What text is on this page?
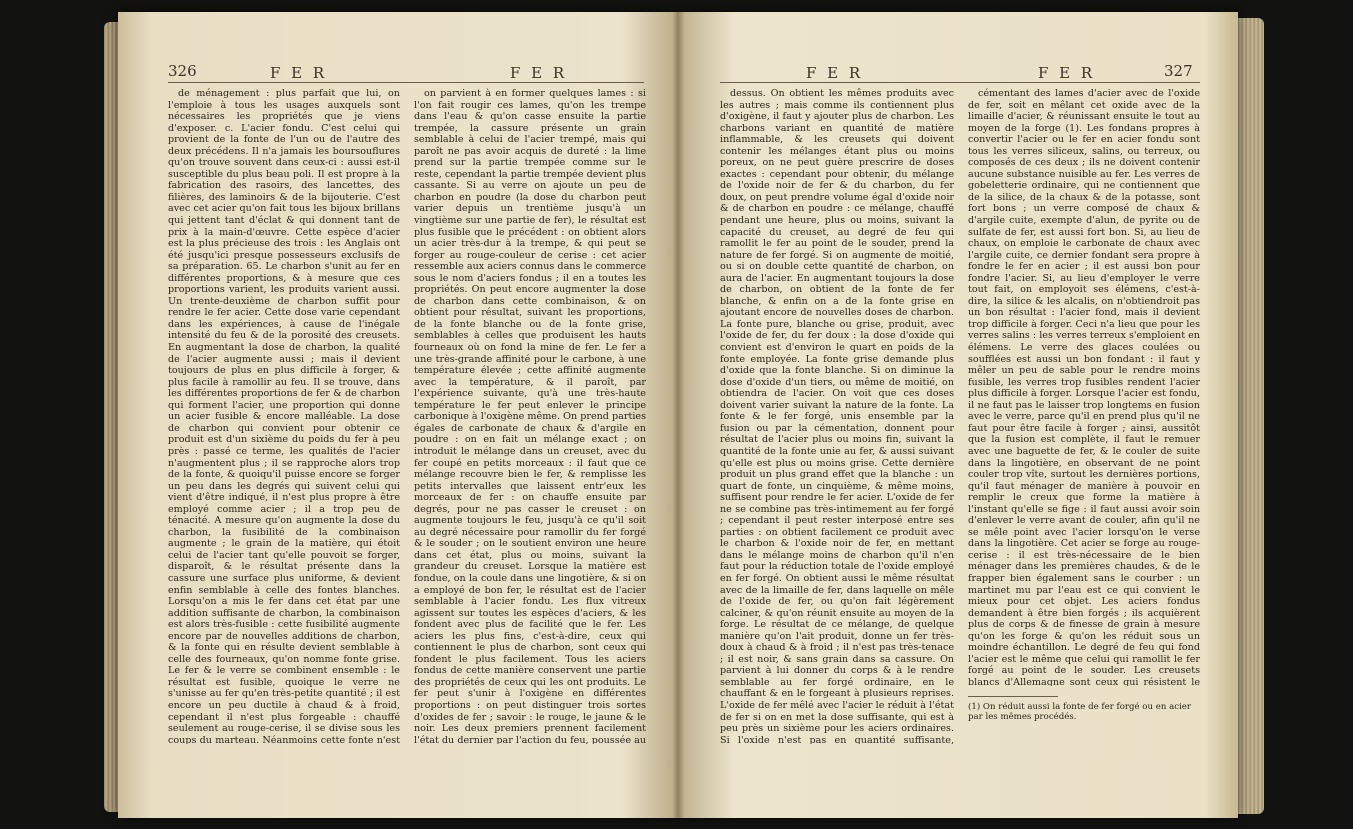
326	F E R	F E R

de ménagement : plus parfait que lui, on l'emploie à tous les usages auxquels sont nécessaires les propriétés que je viens d'exposer. c. L'acier fondu. C'est celui qui provient de la fonte de l'un ou de l'autre des deux précédens. Il n'a jamais les boursouflures qu'on trouve souvent dans ceux-ci : aussi est-il susceptible du plus beau poli. Il est propre à la fabrication des rasoirs, des lancettes, des filières, des laminoirs & de la bijouterie. C'est avec cet acier qu'on fait tous les bijoux brillans qui jettent tant d'éclat & qui donnent tant de prix à la main-d'œuvre. Cette espèce d'acier est la plus précieuse des trois : les Anglais ont été jusqu'ici presque possesseurs exclusifs de sa préparation. 65. Le charbon s'unit au fer en différentes proportions, & à mesure que ces proportions varient, les produits varient aussi. Un trente-deuxième de charbon suffit pour rendre le fer acier. Cette dose varie cependant dans les expériences, à cause de l'inégale intensité du feu & de la porosité des creusets. En augmentant la dose de charbon, la qualité de l'acier augmente aussi ; mais il devient toujours de plus en plus difficile à forger, & plus facile à ramollir au feu. Il se trouve, dans les différentes proportions de fer & de charbon qui forment l'acier, une proportion qui donne un acier fusible & encore malléable. La dose de charbon qui convient pour obtenir ce produit est d'un sixième du poids du fer à peu près : passé ce terme, les qualités de l'acier n'augmentent plus ; il se rapproche alors trop de la fonte, & quoiqu'il puisse encore se forger un peu dans les degrés qui suivent celui qui vient d'être indiqué, il n'est plus propre à être employé comme acier ; il a trop peu de ténacité. A mesure qu'on augmente la dose du charbon, la fusibilité de la combinaison augmente ; le grain de la matière, qui étoit celui de l'acier tant qu'elle pouvoit se forger, disparoît, & le résultat présente dans la cassure une surface plus uniforme, & devient enfin semblable à celle des fontes blanches. Lorsqu'on a mis le fer dans cet état par une addition suffisante de charbon, la combinaison est alors très-fusible : cette fusibilité augmente encore par de nouvelles additions de charbon, & la fonte qui en résulte devient semblable à celle des fourneaux, qu'on nomme fonte grise. Le fer & le verre se combinent ensemble : le résultat est fusible, quoique le verre ne s'unisse au fer qu'en très-petite quantité ; il est encore un peu ductile à chaud & à froid, cependant il n'est plus forgeable : chauffé seulement au rouge-cerise, il se divise sous les coups du marteau. Néanmoins cette fonte n'est

on parvient à en former quelques lames : si l'on fait rougir ces lames, qu'on les trempe dans l'eau & qu'on casse ensuite la partie trempée, la cassure présente un grain semblable à celui de l'acier trempé, mais qui paroît ne pas avoir acquis de dureté : la lime prend sur la partie trempée comme sur le reste, cependant la partie trempée devient plus cassante. Si au verre on ajoute un peu de charbon en poudre (la dose du charbon peut varier depuis un trentième jusqu'à un vingtième sur une partie de fer), le résultat est plus fusible que le précédent : on obtient alors un acier très-dur à la trempe, & qui peut se forger au rouge-couleur de cerise : cet acier ressemble aux aciers connus dans le commerce sous le nom d'aciers fondus ; il en a toutes les propriétés. On peut encore augmenter la dose de charbon dans cette combinaison, & on obtient pour résultat, suivant les proportions, de la fonte blanche ou de la fonte grise, semblables à celles que produisent les hauts fourneaux où on fond la mine de fer. Le fer a une très-grande affinité pour le carbone, à une température élevée ; cette affinité augmente avec la température, & il paroît, par l'expérience suivante, qu'à une très-haute température le fer peut enlever le principe carbonique à l'oxigène même. On prend parties égales de carbonate de chaux & d'argile en poudre : on en fait un mélange exact ; on introduit le mélange dans un creuset, avec du fer coupé en petits morceaux : il faut que ce mélange recouvre bien le fer, & remplisse les petits intervalles que laissent entr'eux les morceaux de fer : on chauffe ensuite par degrés, pour ne pas casser le creuset : on augmente toujours le feu, jusqu'à ce qu'il soit au degré nécessaire pour ramollir du fer forgé & le souder ; on le soutient environ une heure dans cet état, plus ou moins, suivant la grandeur du creuset. Lorsque la matière est fondue, on la coule dans une lingotière, & si on a employé de bon fer, le résultat est de l'acier semblable à l'acier fondu. Les flux vitreux agissent sur toutes les espèces d'aciers, & les fondent avec plus de facilité que le fer. Les aciers les plus fins, c'est-à-dire, ceux qui contiennent le plus de charbon, sont ceux qui fondent le plus facilement. Tous les aciers fondus de cette manière conservent une partie des propriétés de ceux qui les ont produits. Le fer peut s'unir à l'oxigène en différentes proportions : on peut distinguer trois sortes d'oxides de fer ; savoir : le rouge, le jaune & le noir. Les deux premiers prennent facilement l'état du dernier par l'action du feu, poussée au

F E R	F E R	327

dessus. On obtient les mêmes produits avec les autres ; mais comme ils contiennent plus d'oxigène, il faut y ajouter plus de charbon. Les charbons variant en quantité de matière inflammable, & les creusets qui doivent contenir les mélanges étant plus ou moins poreux, on ne peut guère prescrire de doses exactes : cependant pour obtenir, du mélange de l'oxide noir de fer & du charbon, du fer doux, on peut prendre volume égal d'oxide noir & de charbon en poudre : ce mélange, chauffé pendant une heure, plus ou moins, suivant la capacité du creuset, au degré de feu qui ramollit le fer au point de le souder, prend la nature de fer forgé. Si on augmente de moitié, ou si on double cette quantité de charbon, on aura de l'acier. En augmentant toujours la dose de charbon, on obtient de la fonte de fer blanche, & enfin on a de la fonte grise en ajoutant encore de nouvelles doses de charbon. La fonte pure, blanche ou grise, produit, avec l'oxide de fer, du fer doux : la dose d'oxide qui convient est d'environ le quart en poids de la fonte employée. La fonte grise demande plus d'oxide que la fonte blanche. Si on diminue la dose d'oxide d'un tiers, ou même de moitié, on obtiendra de l'acier. On voit que ces doses doivent varier suivant la nature de la fonte. La fonte & le fer forgé, unis ensemble par la fusion ou par la cémentation, donnent pour résultat de l'acier plus ou moins fin, suivant la quantité de la fonte unie au fer, & aussi suivant qu'elle est plus ou moins grise. Cette dernière produit un plus grand effet que la blanche : un quart de fonte, un cinquième, & même moins, suffisent pour rendre le fer acier. L'oxide de fer ne se combine pas très-intimement au fer forgé ; cependant il peut rester interposé entre ses parties : on obtient facilement ce produit avec le charbon & l'oxide noir de fer, en mettant dans le mélange moins de charbon qu'il n'en faut pour la réduction totale de l'oxide employé en fer forgé. On obtient aussi le même résultat avec de la limaille de fer, dans laquelle on mêle de l'oxide de fer, ou qu'on fait légèrement calciner, & qu'on réunit ensuite au moyen de la forge. Le résultat de ce mélange, de quelque manière qu'on l'ait produit, donne un fer très-doux à chaud & à froid ; il n'est pas très-tenace ; il est noir, & sans grain dans sa cassure. On parvient à lui donner du corps & à le rendre semblable au fer forgé ordinaire, en le chauffant & en le forgeant à plusieurs reprises. L'oxide de fer mêlé avec l'acier le réduit à l'état de fer si on en met la dose suffisante, qui est à peu près un sixième pour les aciers ordinaires. Si l'oxide n'est pas en quantité suffisante,

cémentant des lames d'acier avec de l'oxide de fer, soit en mêlant cet oxide avec de la limaille d'acier, & réunissant ensuite le tout au moyen de la forge (1). Les fondans propres à convertir l'acier ou le fer en acier fondu sont tous les verres siliceux, salins, ou terreux, ou composés de ces deux ; ils ne doivent contenir aucune substance nuisible au fer. Les verres de gobeletterie ordinaire, qui ne contiennent que de la silice, de la chaux & de la potasse, sont fort bons ; un verre composé de chaux & d'argile cuite, exempte d'alun, de pyrite ou de sulfate de fer, est aussi fort bon. Si, au lieu de chaux, on emploie le carbonate de chaux avec l'argile cuite, ce dernier fondant sera propre à fondre le fer en acier ; il est aussi bon pour fondre l'acier. Si, au lieu d'employer le verre tout fait, on employoit ses élémens, c'est-à-dire, la silice & les alcalis, on n'obtiendroit pas un bon résultat : l'acier fond, mais il devient trop difficile à forger. Ceci n'a lieu que pour les verres salins : les verres terreux s'emploient en élémens. Le verre des glaces coulées ou soufflées est aussi un bon fondant : il faut y mêler un peu de sable pour le rendre moins fusible, les verres trop fusibles rendent l'acier plus difficile à forger. Lorsque l'acier est fondu, il ne faut pas le laisser trop longtems en fusion avec le verre, parce qu'il en prend plus qu'il ne faut pour être facile à forger ; ainsi, aussitôt que la fusion est complète, il faut le remuer avec une baguette de fer, & le couler de suite dans la lingotière, en observant de ne point couler trop vîte, surtout les dernières portions, qu'il faut ménager de manière à pouvoir en remplir le creux que forme la matière à l'instant qu'elle se fige : il faut aussi avoir soin d'enlever le verre avant de couler, afin qu'il ne se mêle point avec l'acier lorsqu'on le verse dans la lingotière. Cet acier se forge au rouge-cerise : il est très-nécessaire de le bien ménager dans les premières chaudes, & de le frapper bien également sans le courber : un martinet mu par l'eau est ce qui convient le mieux pour cet objet. Les aciers fondus demandent à être bien forgés ; ils acquièrent plus de corps & de finesse de grain à mesure qu'on les forge & qu'on les réduit sous un moindre échantillon. Le degré de feu qui fond l'acier est le même que celui qui ramollit le fer forgé au point de le souder. Les creusets blancs d'Allemagne sont ceux qui résistent le

(1) On réduit aussi la fonte de fer forgé ou en acier par les mêmes procédés.
